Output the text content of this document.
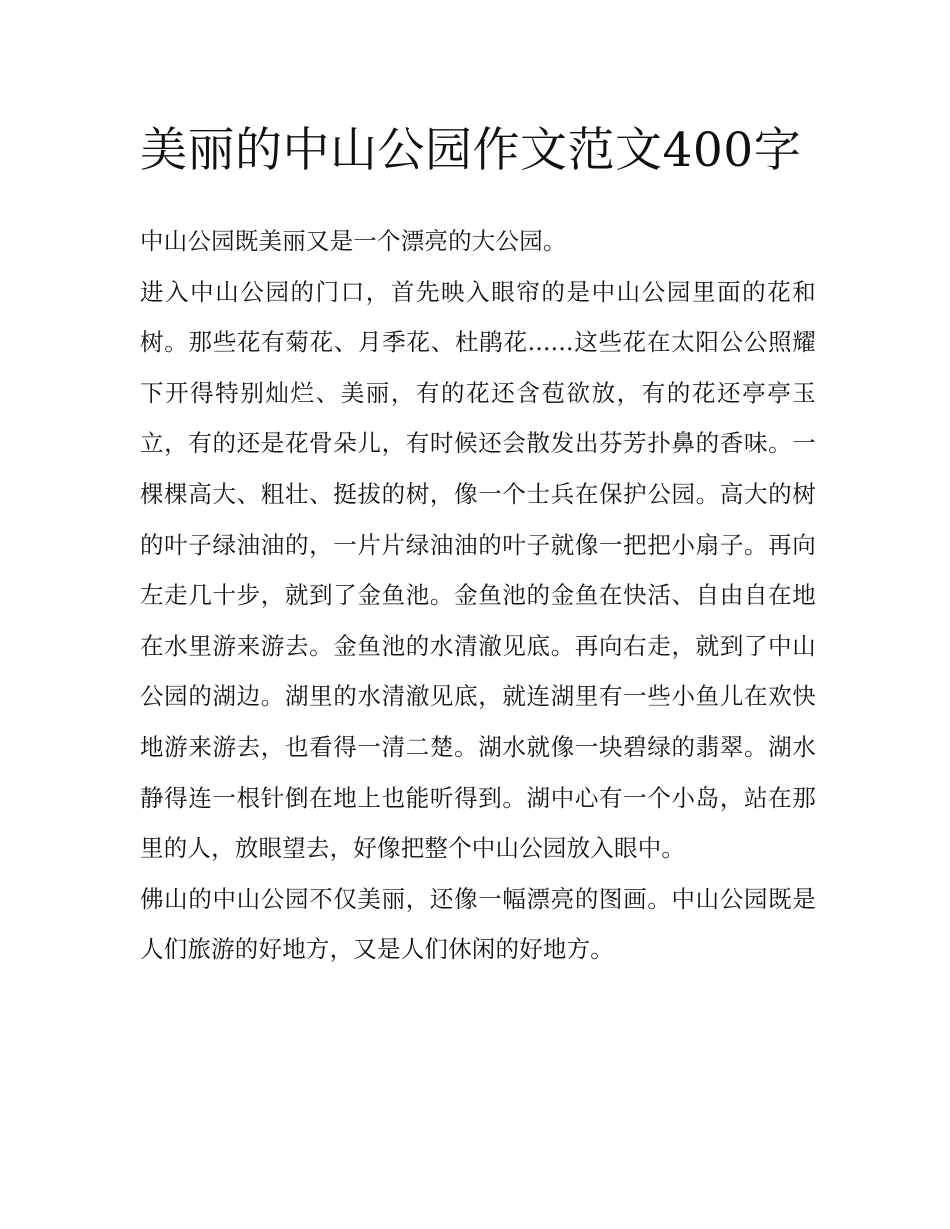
美丽的中山公园作文范文400字

中山公园既美丽又是一个漂亮的大公园。

进入中山公园的门口，首先映入眼帘的是中山公园里面的花和树。那些花有菊花、月季花、杜鹃花......这些花在太阳公公照耀下开得特别灿烂、美丽，有的花还含苞欲放，有的花还亭亭玉立，有的还是花骨朵儿，有时候还会散发出芬芳扑鼻的香味。一棵棵高大、粗壮、挺拔的树，像一个士兵在保护公园。高大的树的叶子绿油油的，一片片绿油油的叶子就像一把把小扇子。再向左走几十步，就到了金鱼池。金鱼池的金鱼在快活、自由自在地在水里游来游去。金鱼池的水清澈见底。再向右走，就到了中山公园的湖边。湖里的水清澈见底，就连湖里有一些小鱼儿在欢快地游来游去，也看得一清二楚。湖水就像一块碧绿的翡翠。湖水静得连一根针倒在地上也能听得到。湖中心有一个小岛，站在那里的人，放眼望去，好像把整个中山公园放入眼中。

佛山的中山公园不仅美丽，还像一幅漂亮的图画。中山公园既是人们旅游的好地方，又是人们休闲的好地方。
